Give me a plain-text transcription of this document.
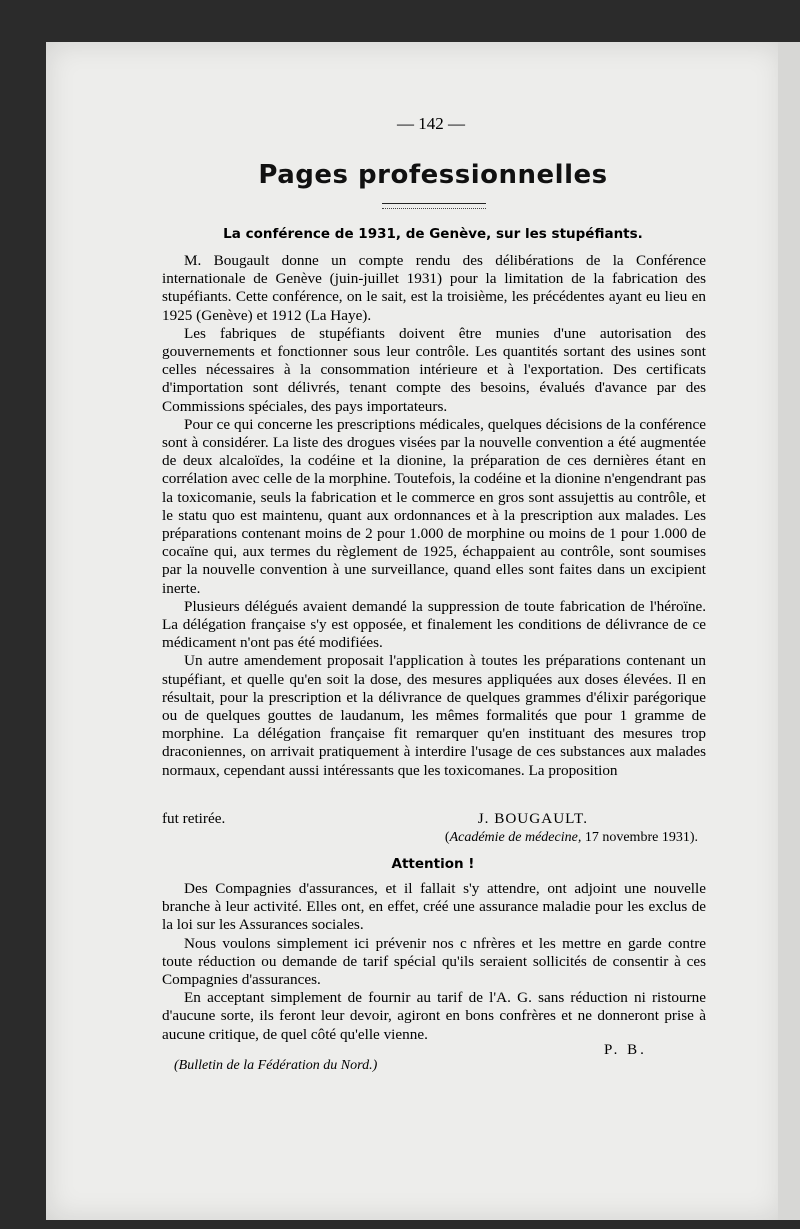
— 142 —
Pages professionnelles
La conférence de 1931, de Genève, sur les stupéfiants.

M. Bougault donne un compte rendu des délibérations de la Conférence internationale de Genève (juin-juillet 1931) pour la limitation de la fabrication des stupéfiants. Cette conférence, on le sait, est la troisième, les précédentes ayant eu lieu en 1925 (Genève) et 1912 (La Haye).

Les fabriques de stupéfiants doivent être munies d'une autorisation des gouvernements et fonctionner sous leur contrôle. Les quantités sortant des usines sont celles nécessaires à la consommation intérieure et à l'exportation. Des certificats d'importation sont délivrés, tenant compte des besoins, évalués d'avance par des Commissions spéciales, des pays importateurs.

Pour ce qui concerne les prescriptions médicales, quelques décisions de la conférence sont à considérer. La liste des drogues visées par la nouvelle convention a été augmentée de deux alcaloïdes, la codéine et la dionine, la préparation de ces dernières étant en corrélation avec celle de la morphine. Toutefois, la codéine et la dionine n'engendrant pas la toxicomanie, seuls la fabrication et le commerce en gros sont assujettis au contrôle, et le statu quo est maintenu, quant aux ordonnances et à la prescription aux malades. Les préparations contenant moins de 2 pour 1.000 de morphine ou moins de 1 pour 1.000 de cocaïne qui, aux termes du règlement de 1925, échappaient au contrôle, sont soumises par la nouvelle convention à une surveillance, quand elles sont faites dans un excipient inerte.

Plusieurs délégués avaient demandé la suppression de toute fabrication de l'héroïne. La délégation française s'y est opposée, et finalement les conditions de délivrance de ce médicament n'ont pas été modifiées.

Un autre amendement proposait l'application à toutes les préparations contenant un stupéfiant, et quelle qu'en soit la dose, des mesures appliquées aux doses élevées. Il en résultait, pour la prescription et la délivrance de quelques grammes d'élixir parégorique ou de quelques gouttes de laudanum, les mêmes formalités que pour 1 gramme de morphine. La délégation française fit remarquer qu'en instituant des mesures trop draconiennes, on arrivait pratiquement à interdire l'usage de ces substances aux malades normaux, cependant aussi intéressants que les toxicomanes. La proposition

fut retirée.	J. BOUGAULT.
(Académie de médecine, 17 novembre 1931).
Attention !

Des Compagnies d'assurances, et il fallait s'y attendre, ont adjoint une nouvelle branche à leur activité. Elles ont, en effet, créé une assurance maladie pour les exclus de la loi sur les Assurances sociales.

Nous voulons simplement ici prévenir nos c nfrères et les mettre en garde contre toute réduction ou demande de tarif spécial qu'ils seraient sollicités de consentir à ces Compagnies d'assurances.

En acceptant simplement de fournir au tarif de l'A. G. sans réduction ni ristourne d'aucune sorte, ils feront leur devoir, agiront en bons confrères et ne donneront prise à aucune critique, de quel côté qu'elle vienne.

P. B.
(Bulletin de la Fédération du Nord.)
